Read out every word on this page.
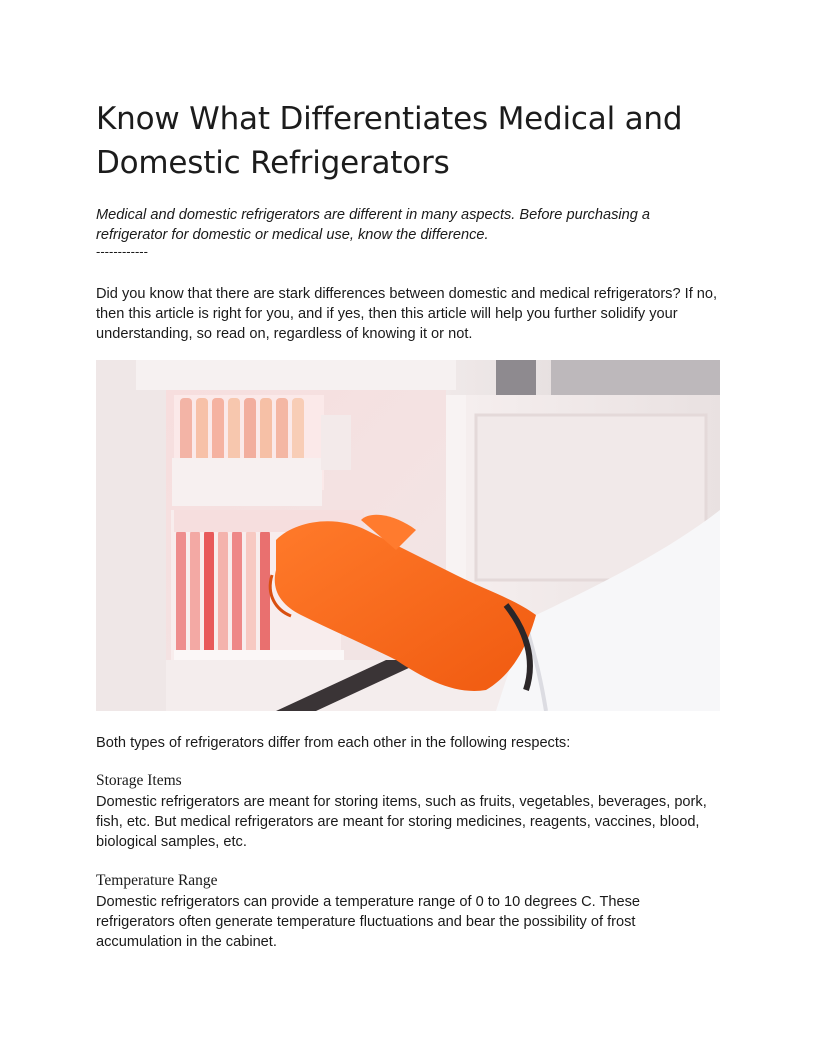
Know What Differentiates Medical and Domestic Refrigerators

Medical and domestic refrigerators are different in many aspects. Before purchasing a refrigerator for domestic or medical use, know the difference.

------------

Did you know that there are stark differences between domestic and medical refrigerators? If no, then this article is right for you, and if yes, then this article will help you further solidify your understanding, so read on, regardless of knowing it or not.

Both types of refrigerators differ from each other in the following respects:

Storage Items

Domestic refrigerators are meant for storing items, such as fruits, vegetables, beverages, pork, fish, etc. But medical refrigerators are meant for storing medicines, reagents, vaccines, blood, biological samples, etc.

Temperature Range

Domestic refrigerators can provide a temperature range of 0 to 10 degrees C. These refrigerators often generate temperature fluctuations and bear the possibility of frost accumulation in the cabinet.
